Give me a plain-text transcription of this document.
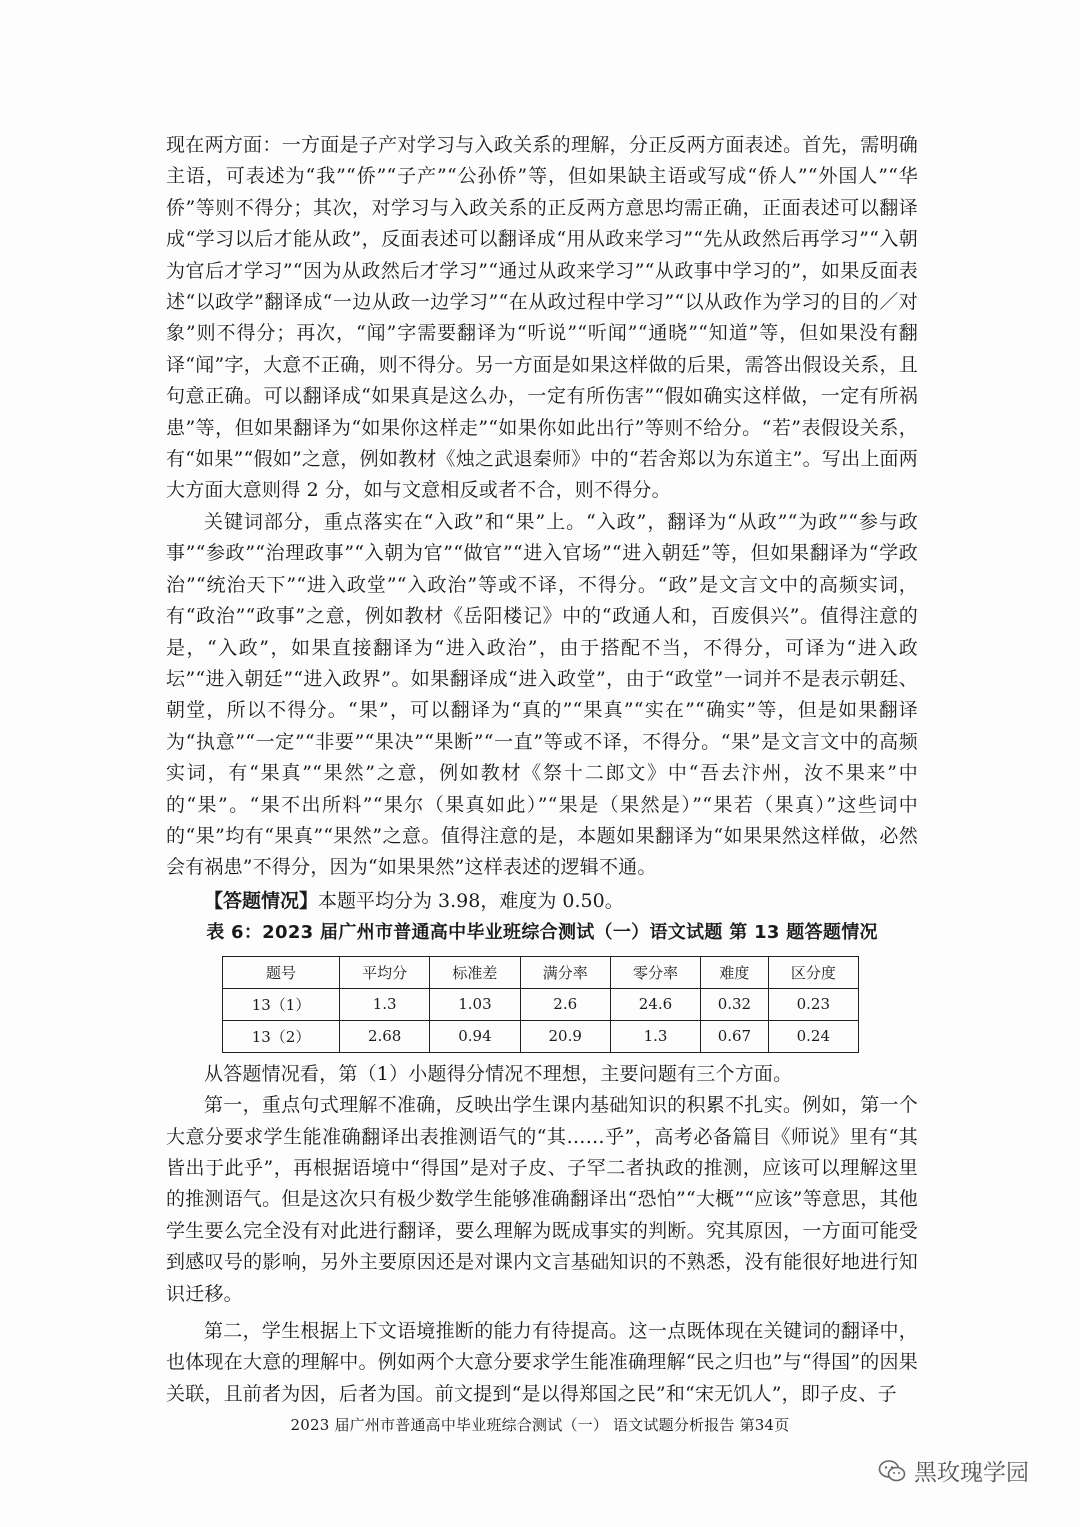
现在两方面：一方面是子产对学习与入政关系的理解，分正反两方面表述。首先，需明确主语，可表述为“我”“侨”“子产”“公孙侨”等，但如果缺主语或写成“侨人”“外国人”“华侨”等则不得分；其次，对学习与入政关系的正反两方意思均需正确，正面表述可以翻译成“学习以后才能从政”，反面表述可以翻译成“用从政来学习”“先从政然后再学习”“入朝为官后才学习”“因为从政然后才学习”“通过从政来学习”“从政事中学习的”，如果反面表述“以政学”翻译成“一边从政一边学习”“在从政过程中学习”“以从政作为学习的目的／对象”则不得分；再次，“闻”字需要翻译为“听说”“听闻”“通晓”“知道”等，但如果没有翻译“闻”字，大意不正确，则不得分。另一方面是如果这样做的后果，需答出假设关系，且句意正确。可以翻译成“如果真是这么办，一定有所伤害”“假如确实这样做，一定有所祸患”等，但如果翻译为“如果你这样走”“如果你如此出行”等则不给分。“若”表假设关系，有“如果”“假如”之意，例如教材《烛之武退秦师》中的“若舍郑以为东道主”。写出上面两大方面大意则得 2 分，如与文意相反或者不合，则不得分。

关键词部分，重点落实在“入政”和“果”上。“入政”，翻译为“从政”“为政”“参与政事”“参政”“治理政事”“入朝为官”“做官”“进入官场”“进入朝廷”等，但如果翻译为“学政治”“统治天下”“进入政堂”“入政治”等或不译，不得分。“政”是文言文中的高频实词，有“政治”“政事”之意，例如教材《岳阳楼记》中的“政通人和，百废俱兴”。值得注意的是，“入政”，如果直接翻译为“进入政治”，由于搭配不当，不得分，可译为“进入政坛”“进入朝廷”“进入政界”。如果翻译成“进入政堂”，由于“政堂”一词并不是表示朝廷、朝堂，所以不得分。“果”，可以翻译为“真的”“果真”“实在”“确实”等，但是如果翻译为“执意”“一定”“非要”“果决”“果断”“一直”等或不译，不得分。“果”是文言文中的高频实词，有“果真”“果然”之意，例如教材《祭十二郎文》中“吾去汴州，汝不果来”中的“果”。“果不出所料”“果尔（果真如此）”“果是（果然是）”“果若（果真）”这些词中的“果”均有“果真”“果然”之意。值得注意的是，本题如果翻译为“如果果然这样做，必然会有祸患”不得分，因为“如果果然”这样表述的逻辑不通。

【答题情况】本题平均分为 3.98，难度为 0.50。

表 6：2023 届广州市普通高中毕业班综合测试（一）语文试题 第 13 题答题情况
题号	平均分	标准差	满分率	零分率	难度	区分度
13（1）	1.3	1.03	2.6	24.6	0.32	0.23
13（2）	2.68	0.94	20.9	1.3	0.67	0.24

从答题情况看，第（1）小题得分情况不理想，主要问题有三个方面。

第一，重点句式理解不准确，反映出学生课内基础知识的积累不扎实。例如，第一个大意分要求学生能准确翻译出表推测语气的“其……乎”，高考必备篇目《师说》里有“其皆出于此乎”，再根据语境中“得国”是对子皮、子罕二者执政的推测，应该可以理解这里的推测语气。但是这次只有极少数学生能够准确翻译出“恐怕”“大概”“应该”等意思，其他学生要么完全没有对此进行翻译，要么理解为既成事实的判断。究其原因，一方面可能受到感叹号的影响，另外主要原因还是对课内文言基础知识的不熟悉，没有能很好地进行知识迁移。

第二，学生根据上下文语境推断的能力有待提高。这一点既体现在关键词的翻译中，也体现在大意的理解中。例如两个大意分要求学生能准确理解“民之归也”与“得国”的因果关联，且前者为因，后者为国。前文提到“是以得郑国之民”和“宋无饥人”，即子皮、子

2023 届广州市普通高中毕业班综合测试（一） 语文试题分析报告 第34页
黑玫瑰学园
